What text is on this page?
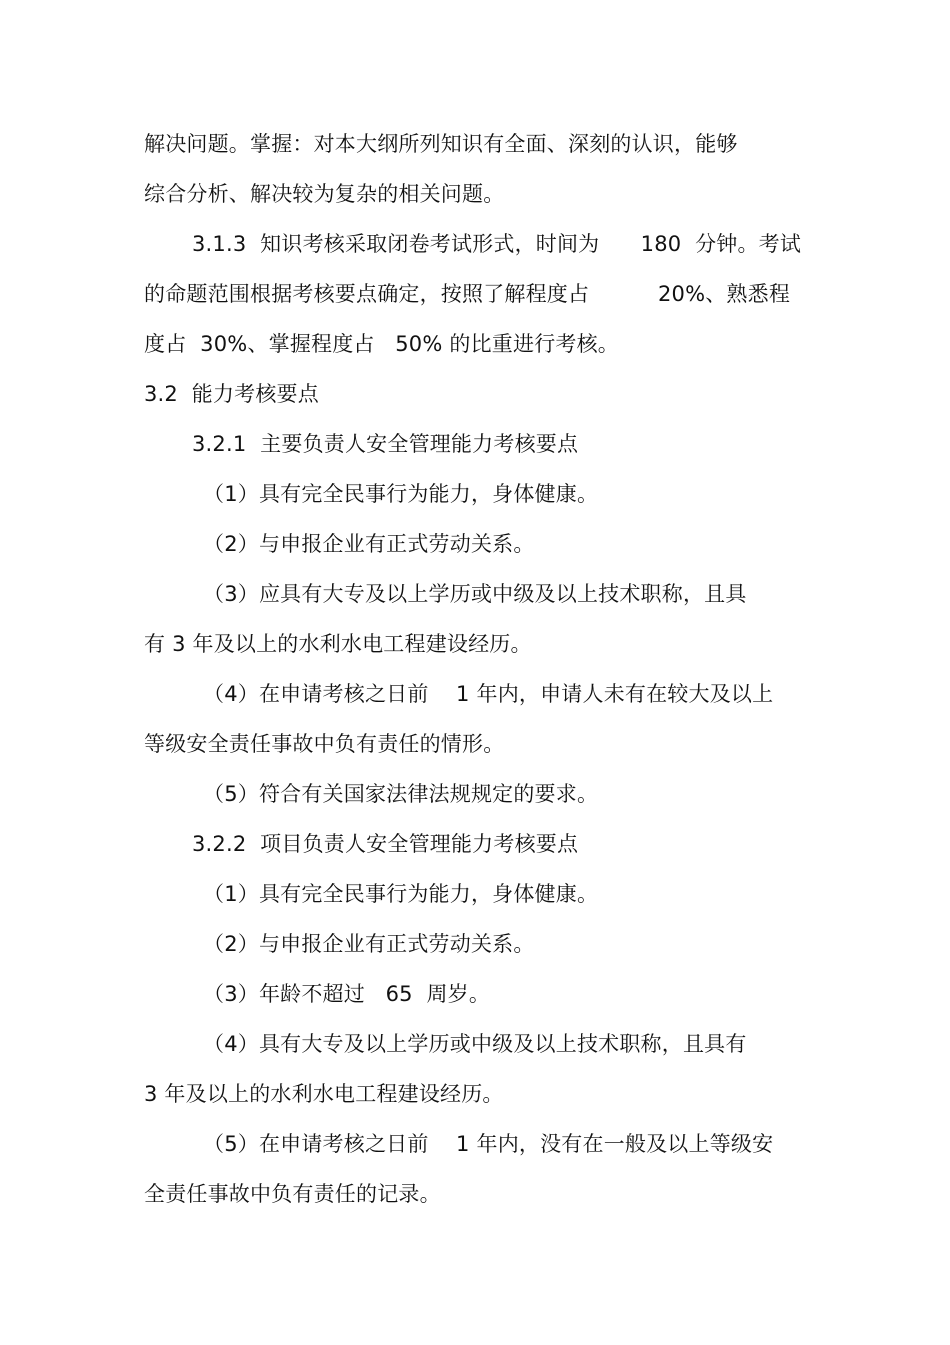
解决问题。掌握：对本大纲所列知识有全面、深刻的认识，能够
综合分析、解决较为复杂的相关问题。
3.1.3  知识考核采取闭卷考试形式，时间为      180  分钟。考试
的命题范围根据考核要点确定，按照了解程度占          20%、熟悉程
度占  30%、掌握程度占   50% 的比重进行考核。
3.2  能力考核要点
3.2.1  主要负责人安全管理能力考核要点
（1）具有完全民事行为能力，身体健康。
（2）与申报企业有正式劳动关系。
（3）应具有大专及以上学历或中级及以上技术职称，且具
有 3 年及以上的水利水电工程建设经历。
（4）在申请考核之日前    1 年内，申请人未有在较大及以上
等级安全责任事故中负有责任的情形。
（5）符合有关国家法律法规规定的要求。
3.2.2  项目负责人安全管理能力考核要点
（1）具有完全民事行为能力，身体健康。
（2）与申报企业有正式劳动关系。
（3）年龄不超过   65  周岁。
（4）具有大专及以上学历或中级及以上技术职称，且具有
3 年及以上的水利水电工程建设经历。
（5）在申请考核之日前    1 年内，没有在一般及以上等级安
全责任事故中负有责任的记录。
